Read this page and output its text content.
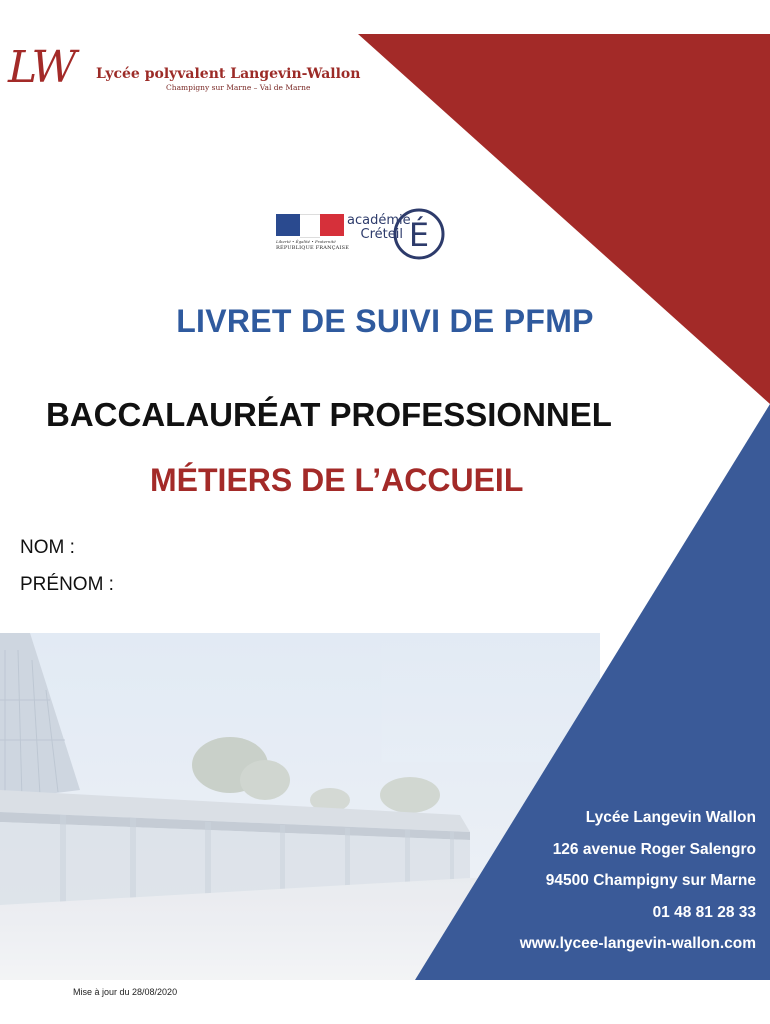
LW Lycée polyvalent Langevin-Wallon
Champigny sur Marne – Val de Marne
Liberté • Égalité • Fraternité
RÉPUBLIQUE FRANÇAISE
académie
Créteil É
LIVRET DE SUIVI DE PFMP
BACCALAURÉAT PROFESSIONNEL
MÉTIERS DE L’ACCUEIL
NOM :
PRÉNOM :
Lycée Langevin Wallon
126 avenue Roger Salengro
94500 Champigny sur Marne
01 48 81 28 33
www.lycee-langevin-wallon.com
Mise à jour du 28/08/2020
